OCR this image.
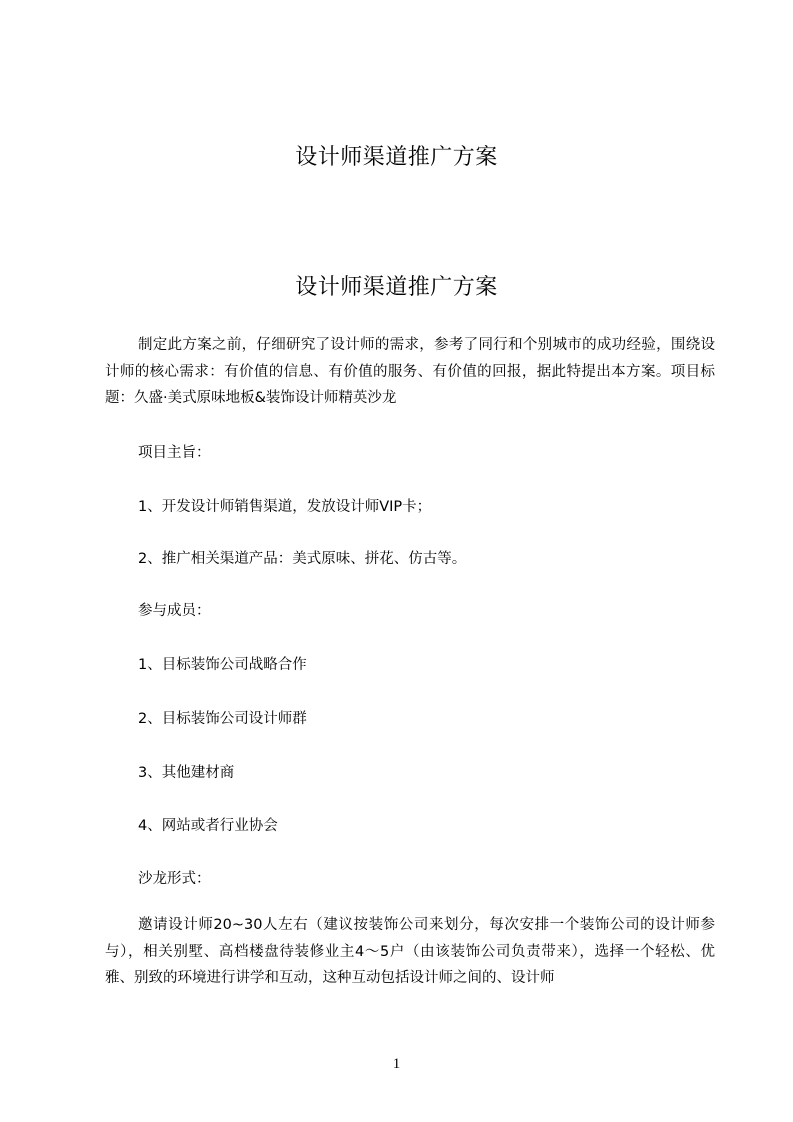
设计师渠道推广方案
设计师渠道推广方案
制定此方案之前，仔细研究了设计师的需求，参考了同行和个别城市的成功经验，围绕设计师的核心需求：有价值的信息、有价值的服务、有价值的回报，据此特提出本方案。项目标题：久盛·美式原味地板&装饰设计师精英沙龙
项目主旨：
1、开发设计师销售渠道，发放设计师VIP卡；
2、推广相关渠道产品：美式原味、拼花、仿古等。
参与成员：
1、目标装饰公司战略合作
2、目标装饰公司设计师群
3、其他建材商
4、网站或者行业协会
沙龙形式：
邀请设计师20~30人左右（建议按装饰公司来划分，每次安排一个装饰公司的设计师参与），相关别墅、高档楼盘待装修业主4～5户（由该装饰公司负责带来），选择一个轻松、优雅、别致的环境进行讲学和互动，这种互动包括设计师之间的、设计师
1
